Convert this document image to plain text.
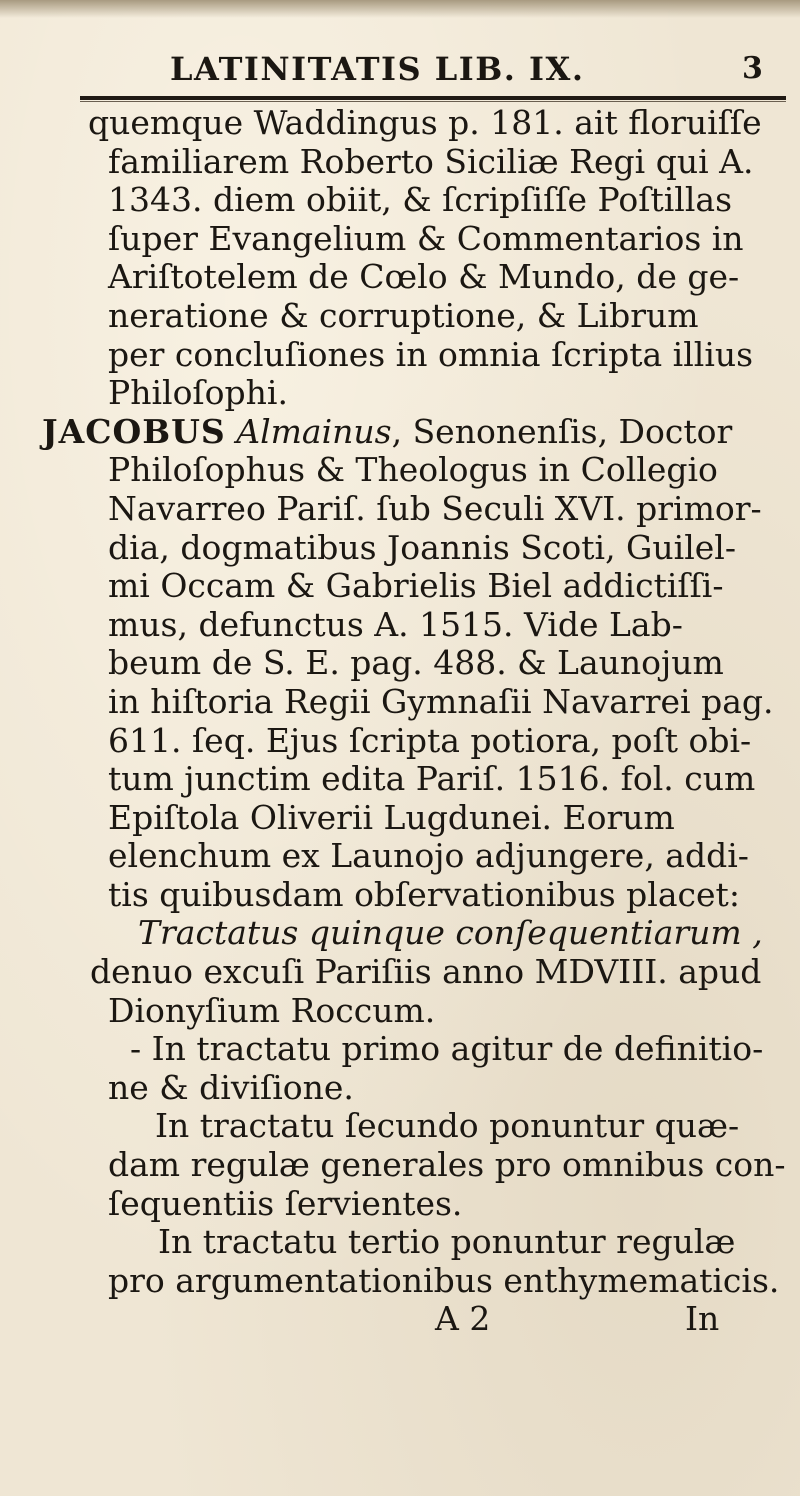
LATINITATIS LIB. IX.	3
quemque Waddingus p. 181. ait floruiſſe
familiarem Roberto Siciliæ Regi qui A.
1343. diem obiit, & ſcripſiſſe Poſtillas
ſuper Evangelium & Commentarios in
Ariſtotelem de Cœlo & Mundo, de ge-
neratione & corruptione, & Librum
per concluſiones in omnia ſcripta illius
Philoſophi.
JACOBUS Almainus, Senonenſis, Doctor
Philoſophus & Theologus in Collegio
Navarreo Pariſ. ſub Seculi XVI. primor-
dia, dogmatibus Joannis Scoti, Guilel-
mi Occam & Gabrielis Biel addictiſſi-
mus, defunctus A. 1515. Vide Lab-
beum de S. E. pag. 488. & Launojum
in hiſtoria Regii Gymnaſii Navarrei pag.
611. ſeq. Ejus ſcripta potiora, poſt obi-
tum junctim edita Pariſ. 1516. fol. cum
Epiſtola Oliverii Lugdunei. Eorum
elenchum ex Launojo adjungere, addi-
tis quibusdam obſervationibus placet:
Tractatus quinque conſequentiarum ,
denuo excuſi Pariſiis anno MDVIII. apud
Dionyſium Roccum.
- In tractatu primo agitur de definitio-
ne & diviſione.
In tractatu ſecundo ponuntur quæ-
dam regulæ generales pro omnibus con-
ſequentiis ſervientes.
In tractatu tertio ponuntur regulæ
pro argumentationibus enthymematicis.
A 2	In
